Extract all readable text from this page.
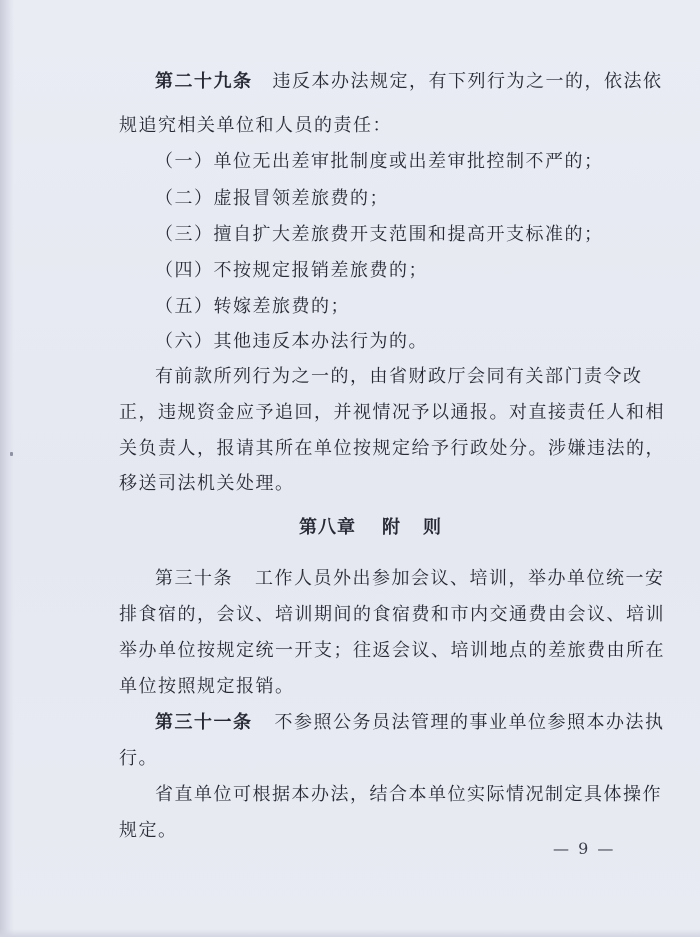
第二十九条 违反本办法规定，有下列行为之一的，依法依
规追究相关单位和人员的责任：
（一）单位无出差审批制度或出差审批控制不严的；
（二）虚报冒领差旅费的；
（三）擅自扩大差旅费开支范围和提高开支标准的；
（四）不按规定报销差旅费的；
（五）转嫁差旅费的；
（六）其他违反本办法行为的。
有前款所列行为之一的，由省财政厅会同有关部门责令改
正，违规资金应予追回，并视情况予以通报。对直接责任人和相
关负责人，报请其所在单位按规定给予行政处分。涉嫌违法的，
移送司法机关处理。
第八章 附 则
第三十条 工作人员外出参加会议、培训，举办单位统一安
排食宿的，会议、培训期间的食宿费和市内交通费由会议、培训
举办单位按规定统一开支；往返会议、培训地点的差旅费由所在
单位按照规定报销。
第三十一条 不参照公务员法管理的事业单位参照本办法执
行。
省直单位可根据本办法，结合本单位实际情况制定具体操作
规定。
— 9 —
